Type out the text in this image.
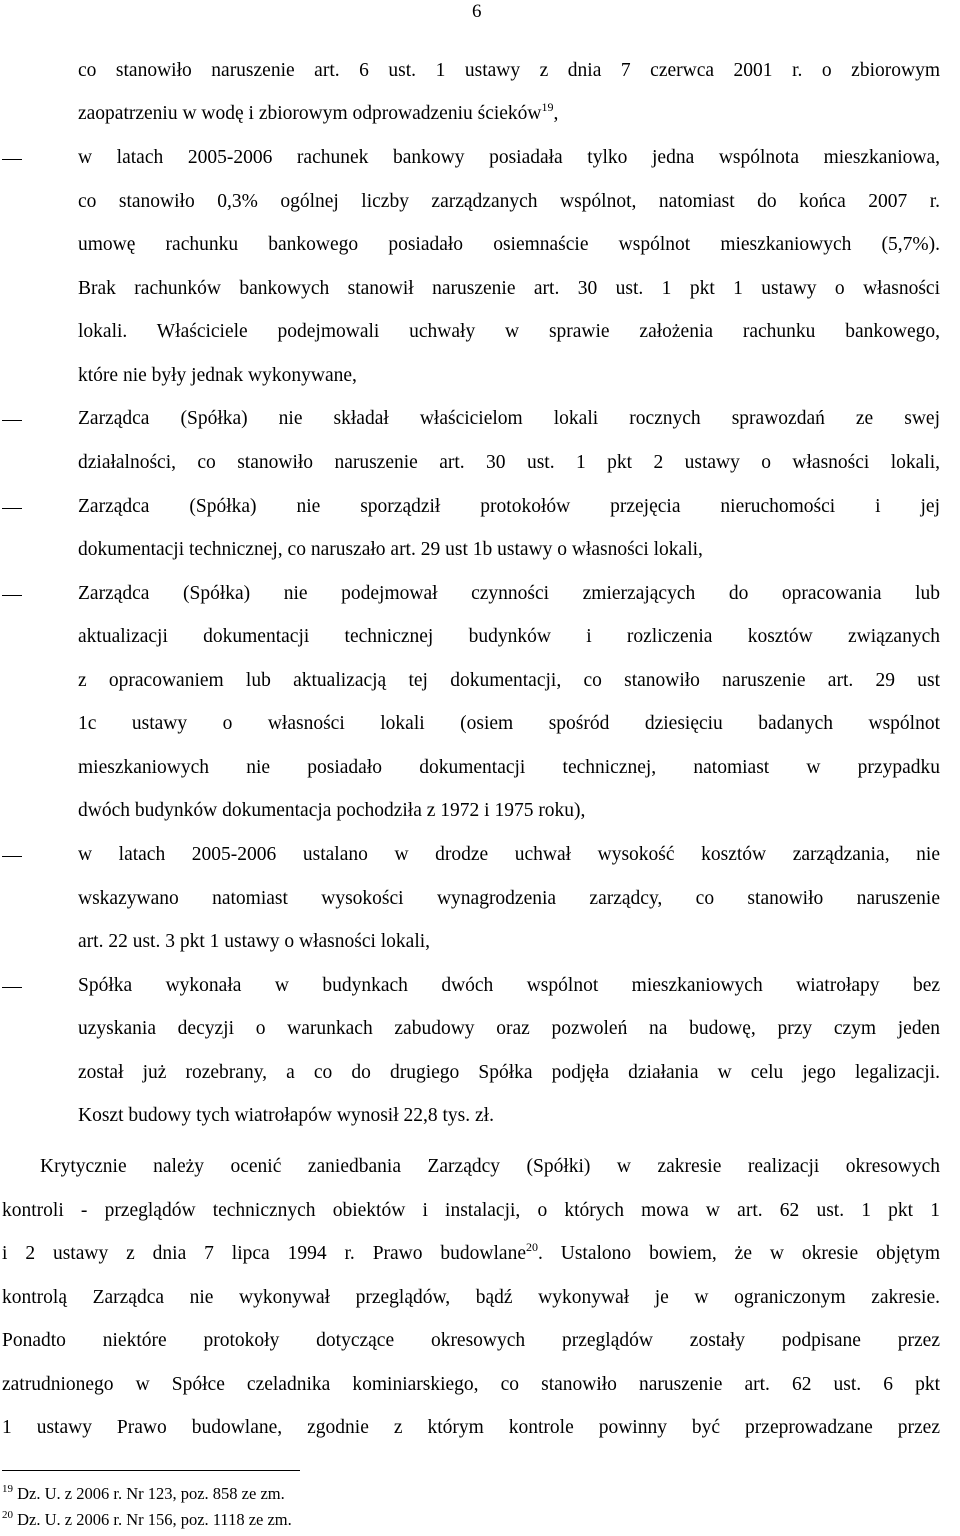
6
co stanowiło naruszenie art. 6 ust. 1 ustawy z dnia 7 czerwca 2001 r. o zbiorowym
zaopatrzeniu w wodę i zbiorowym odprowadzeniu ścieków$^{19}$,
w latach 2005-2006 rachunek bankowy posiadała tylko jedna wspólnota mieszkaniowa,
co stanowiło 0,3% ogólnej liczby zarządzanych wspólnot, natomiast do końca 2007 r.
umowę rachunku bankowego posiadało osiemnaście wspólnot mieszkaniowych (5,7%).
Brak rachunków bankowych stanowił naruszenie art. 30 ust. 1 pkt 1 ustawy o własności
lokali. Właściciele podejmowali uchwały w sprawie założenia rachunku bankowego,
które nie były jednak wykonywane,
Zarządca (Spółka) nie składał właścicielom lokali rocznych sprawozdań ze swej
działalności, co stanowiło naruszenie art. 30 ust. 1 pkt 2 ustawy o własności lokali,
Zarządca (Spółka) nie sporządził protokołów przejęcia nieruchomości i jej
dokumentacji technicznej, co naruszało art. 29 ust 1b ustawy o własności lokali,
Zarządca (Spółka) nie podejmował czynności zmierzających do opracowania lub
aktualizacji dokumentacji technicznej budynków i rozliczenia kosztów związanych
z opracowaniem lub aktualizacją tej dokumentacji, co stanowiło naruszenie art. 29 ust
1c ustawy o własności lokali (osiem spośród dziesięciu badanych wspólnot
mieszkaniowych nie posiadało dokumentacji technicznej, natomiast w przypadku
dwóch budynków dokumentacja pochodziła z 1972 i 1975 roku),
w latach 2005-2006 ustalano w drodze uchwał wysokość kosztów zarządzania, nie
wskazywano natomiast wysokości wynagrodzenia zarządcy, co stanowiło naruszenie
art. 22 ust. 3 pkt 1 ustawy o własności lokali,
Spółka wykonała w budynkach dwóch wspólnot mieszkaniowych wiatrołapy bez
uzyskania decyzji o warunkach zabudowy oraz pozwoleń na budowę, przy czym jeden
został już rozebrany, a co do drugiego Spółka podjęła działania w celu jego legalizacji.
Koszt budowy tych wiatrołapów wynosił 22,8 tys. zł.
Krytycznie należy ocenić zaniedbania Zarządcy (Spółki) w zakresie realizacji okresowych
kontroli - przeglądów technicznych obiektów i instalacji, o których mowa w art. 62 ust. 1 pkt 1
i 2 ustawy z dnia 7 lipca 1994 r. Prawo budowlane$^{20}$. Ustalono bowiem, że w okresie objętym
kontrolą Zarządca nie wykonywał przeglądów, bądź wykonywał je w ograniczonym zakresie.
Ponadto niektóre protokoły dotyczące okresowych przeglądów zostały podpisane przez
zatrudnionego w Spółce czeladnika kominiarskiego, co stanowiło naruszenie art. 62 ust. 6 pkt
1 ustawy Prawo budowlane, zgodnie z którym kontrole powinny być przeprowadzane przez
$^{19}$ Dz. U. z 2006 r. Nr 123, poz. 858 ze zm.
$^{20}$ Dz. U. z 2006 r. Nr 156, poz. 1118 ze zm.
